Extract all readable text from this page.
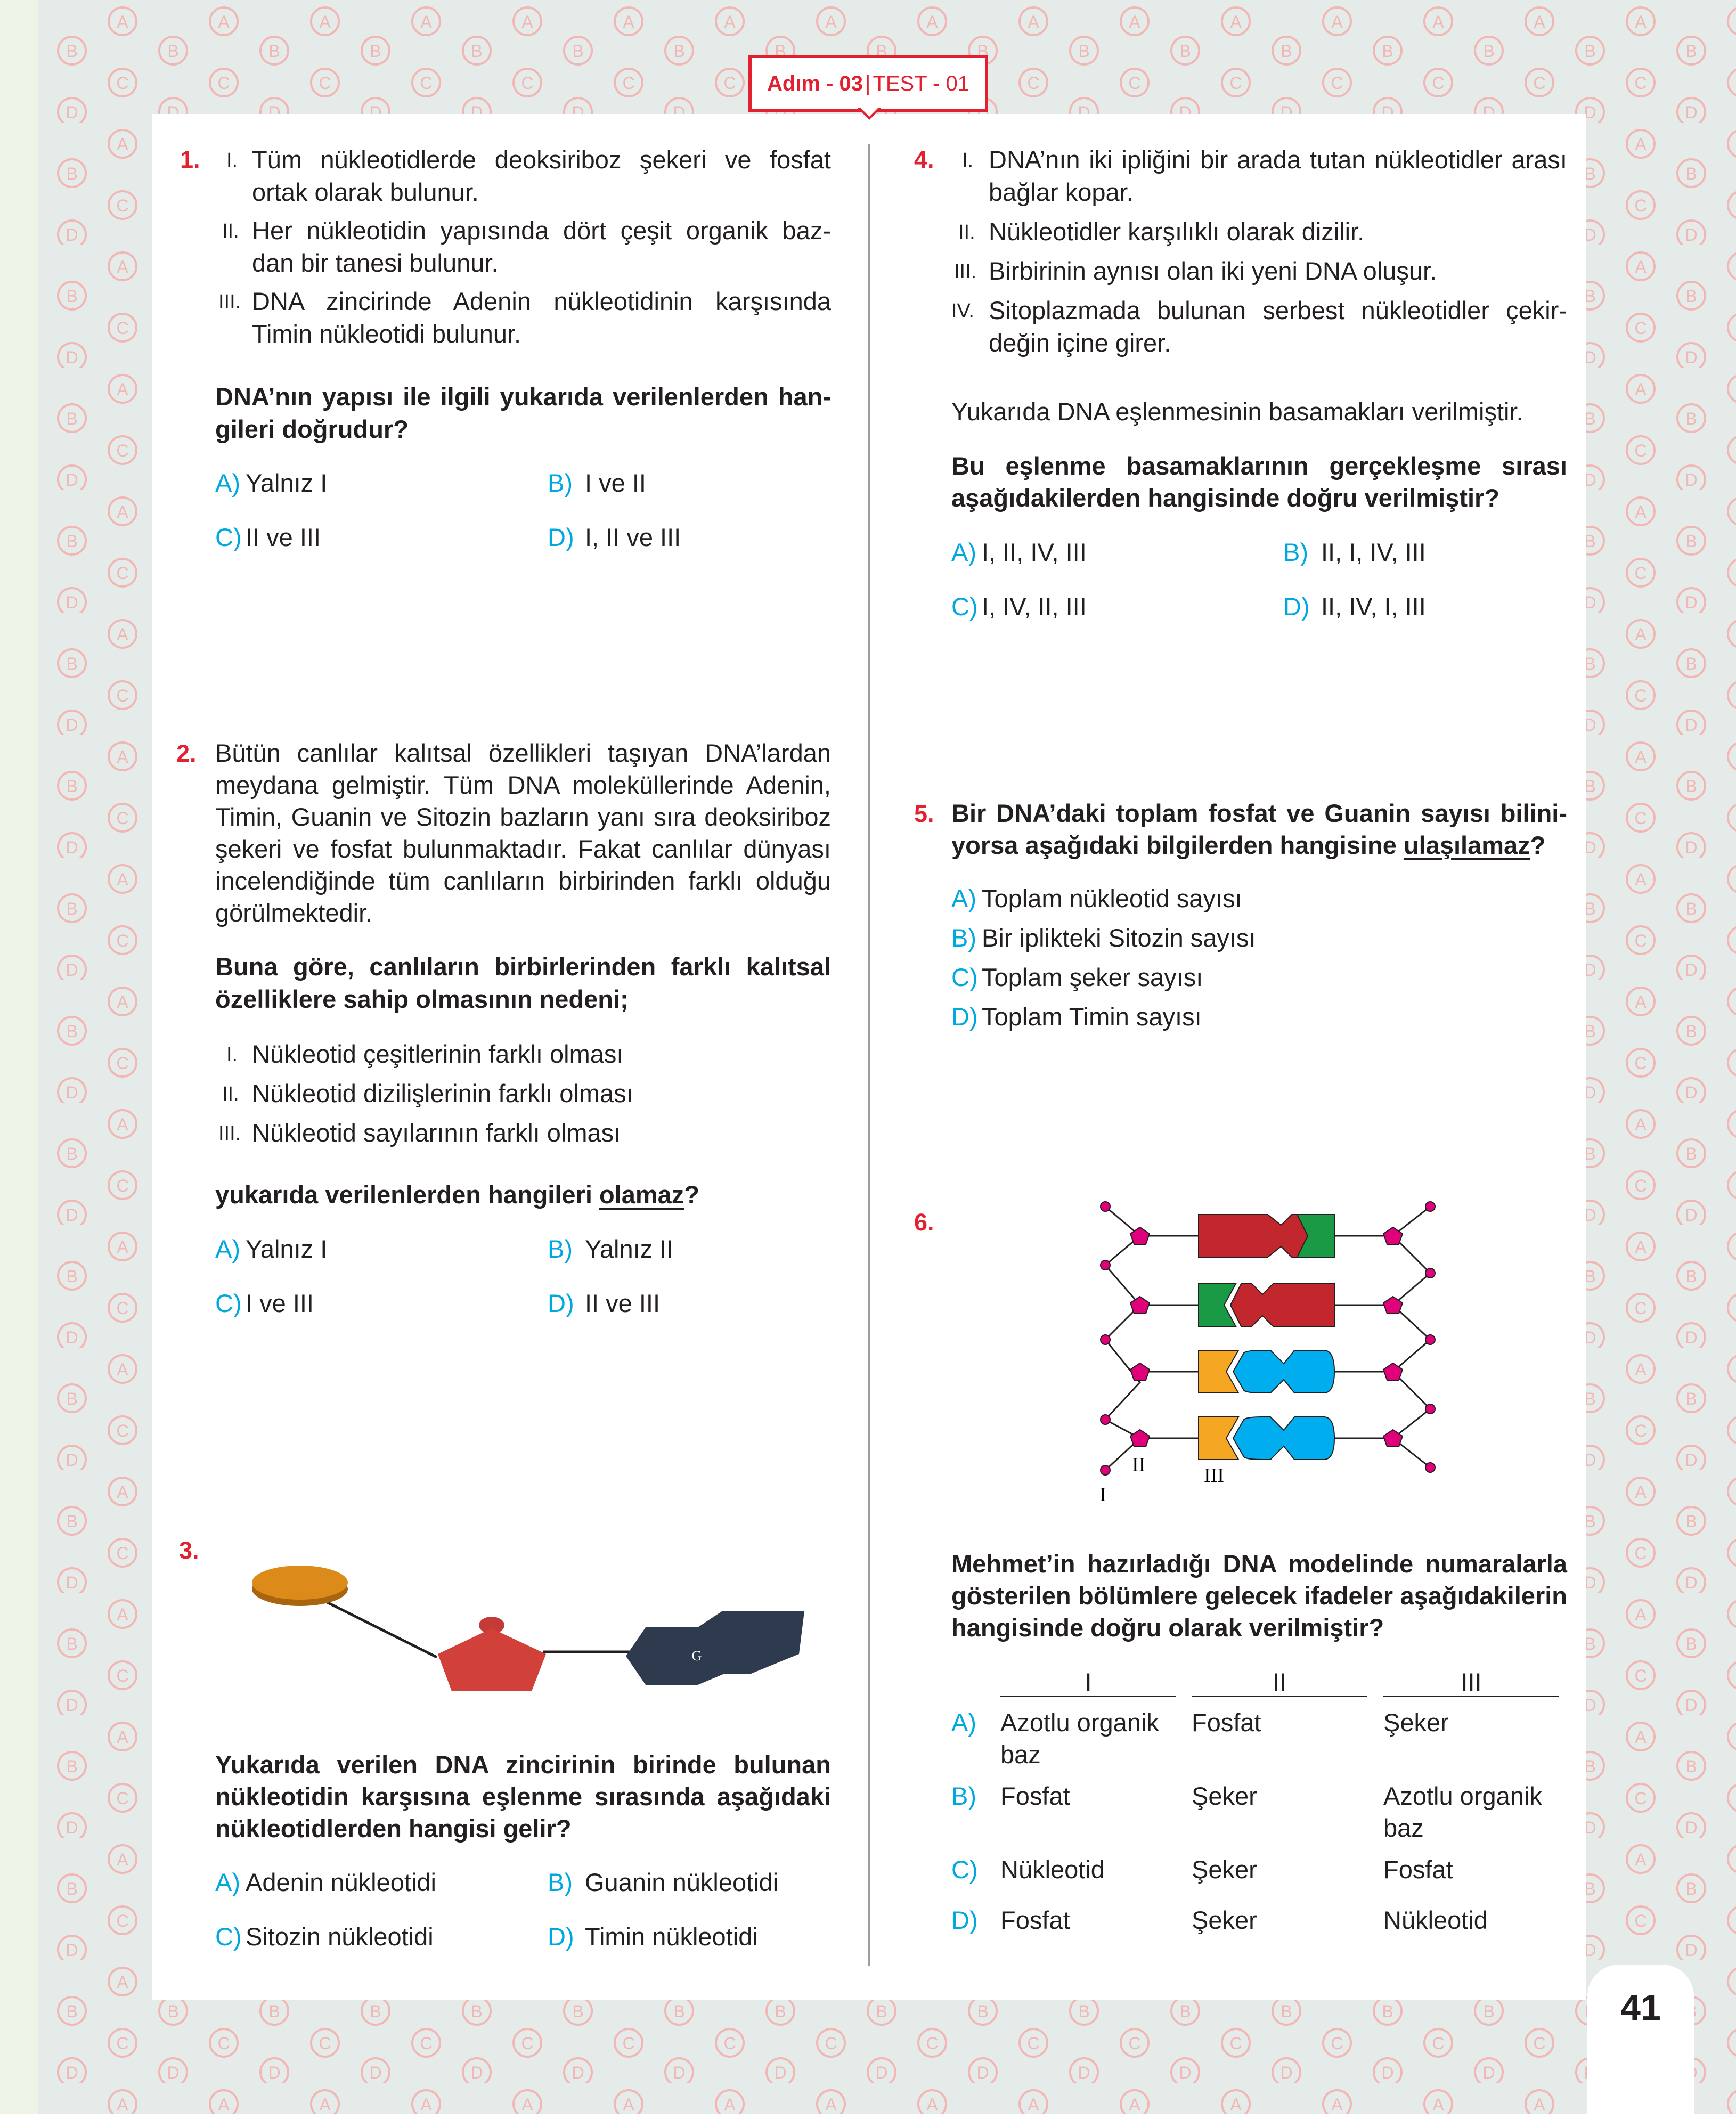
Adım - 03 | TEST - 01
1. I. Tüm nükleotidlerde deoksiriboz şekeri ve fosfat
ortak olarak bulunur.
II. Her nükleotidin yapısında dört çeşit organik baz-
dan bir tanesi bulunur.
III. DNA zincirinde Adenin nükleotidinin karşısında
Timin nükleotidi bulunur.
DNA’nın yapısı ile ilgili yukarıda verilenlerden han-
gileri doğrudur?
A) Yalnız I	B) I ve II
C) II ve III	D) I, II ve III
2. Bütün canlılar kalıtsal özellikleri taşıyan DNA’lardan
meydana gelmiştir. Tüm DNA moleküllerinde Adenin,
Timin, Guanin ve Sitozin bazların yanı sıra deoksiriboz
şekeri ve fosfat bulunmaktadır. Fakat canlılar dünyası
incelendiğinde tüm canlıların birbirinden farklı olduğu
görülmektedir.
Buna göre, canlıların birbirlerinden farklı kalıtsal
özelliklere sahip olmasının nedeni;
I. Nükleotid çeşitlerinin farklı olması
II. Nükleotid dizilişlerinin farklı olması
III. Nükleotid sayılarının farklı olması
yukarıda verilenlerden hangileri olamaz?
A) Yalnız I	B) Yalnız II
C) I ve III	D) II ve III
3.
G
Yukarıda verilen DNA zincirinin birinde bulunan
nükleotidin karşısına eşlenme sırasında aşağıdaki
nükleotidlerden hangisi gelir?
A) Adenin nükleotidi	B) Guanin nükleotidi
C) Sitozin nükleotidi	D) Timin nükleotidi
4. I. DNA’nın iki ipliğini bir arada tutan nükleotidler arası
bağlar kopar.
II. Nükleotidler karşılıklı olarak dizilir.
III. Birbirinin aynısı olan iki yeni DNA oluşur.
IV. Sitoplazmada bulunan serbest nükleotidler çekir-
değin içine girer.
Yukarıda DNA eşlenmesinin basamakları verilmiştir.
Bu eşlenme basamaklarının gerçekleşme sırası
aşağıdakilerden hangisinde doğru verilmiştir?
A) I, II, IV, III	B) II, I, IV, III
C) I, IV, II, III	D) II, IV, I, III
5. Bir DNA’daki toplam fosfat ve Guanin sayısı bilini-
yorsa aşağıdaki bilgilerden hangisine ulaşılamaz?
A) Toplam nükleotid sayısı
B) Bir iplikteki Sitozin sayısı
C) Toplam şeker sayısı
D) Toplam Timin sayısı
6.
I
II	III
Mehmet’in hazırladığı DNA modelinde numaralarla
gösterilen bölümlere gelecek ifadeler aşağıdakilerin
hangisinde doğru olarak verilmiştir?
I	II	III
A) Azotlu organik
baz
Fosfat	Şeker
B) Fosfat	Şeker	Azotlu organik
baz
C) Nükleotid	Şeker	Fosfat
D) Fosfat	Şeker	Nükleotid
41
